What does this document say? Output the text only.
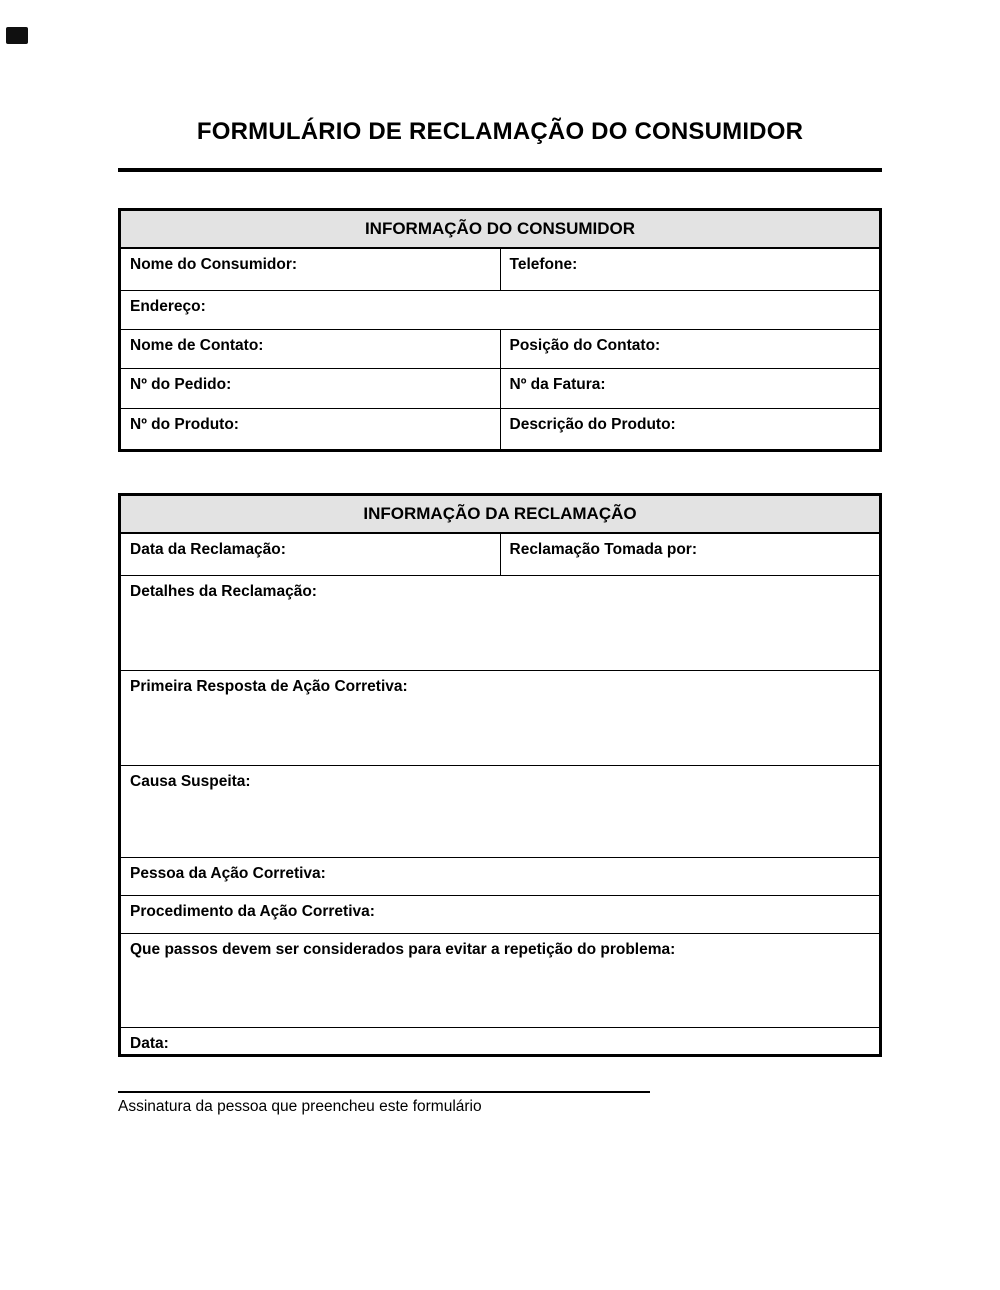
FORMULÁRIO DE RECLAMAÇÃO DO CONSUMIDOR
INFORMAÇÃO DO CONSUMIDOR
Nome do Consumidor:	Telefone:
Endereço:
Nome de Contato:	Posição do Contato:
Nº do Pedido:	Nº da Fatura:
Nº do Produto:	Descrição do Produto:
INFORMAÇÃO DA RECLAMAÇÃO
Data da Reclamação:	Reclamação Tomada por:
Detalhes da Reclamação:
Primeira Resposta de Ação Corretiva:
Causa Suspeita:
Pessoa da Ação Corretiva:
Procedimento da Ação Corretiva:
Que passos devem ser considerados para evitar a repetição do problema:
Data:
Assinatura da pessoa que preencheu este formulário
